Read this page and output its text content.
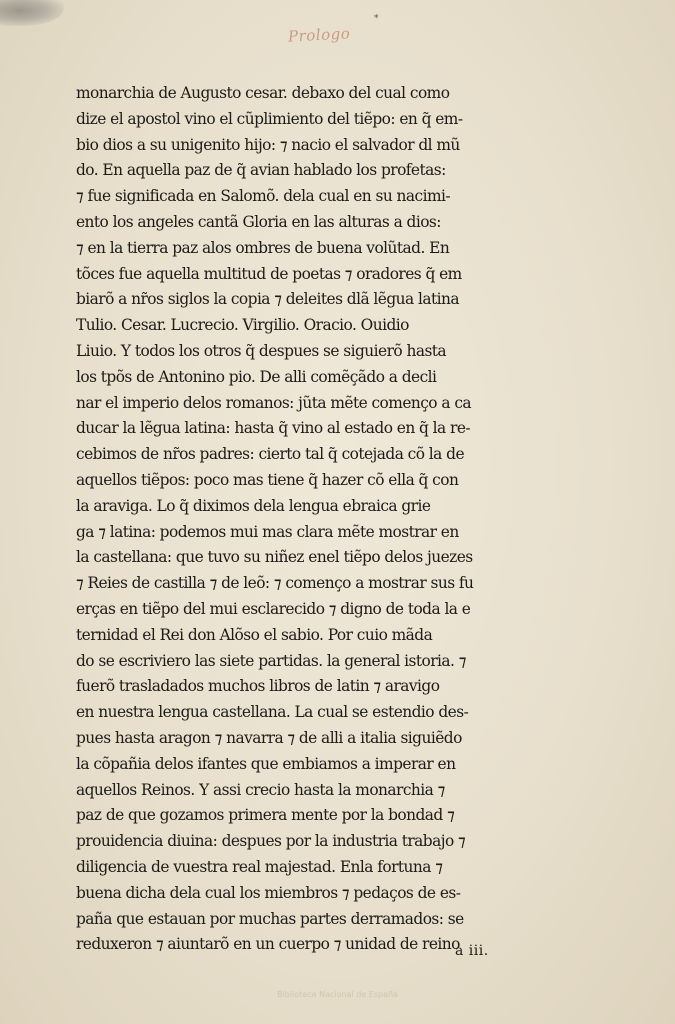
Prologo
*
monarchia de Augusto cesar. debaxo del cual como
dize el apostol vino el cũplimiento del tiẽpo: en q̃ em-
bio dios a su unigenito hijo: ⁊ nacio el salvador dl mũ
do. En aquella paz de q̃ avian hablado los profetas:
⁊ fue significada en Salomõ. dela cual en su nacimi-
ento los angeles cantã Gloria en las alturas a dios:
⁊ en la tierra paz alos ombres de buena volũtad. En
tõces fue aquella multitud de poetas ⁊ oradores q̃ em
biarõ a nr̃os siglos la copia ⁊ deleites dlã lẽgua latina
Tulio. Cesar. Lucrecio. Virgilio. Oracio. Ouidio
Liuio. Y todos los otros q̃ despues se siguierõ hasta
los tpõs de Antonino pio. De alli comẽçãdo a decli
nar el imperio delos romanos: jũta mẽte començo a ca
ducar la lẽgua latina: hasta q̃ vino al estado en q̃ la re-
cebimos de nr̃os padres: cierto tal q̃ cotejada cõ la de
aquellos tiẽpos: poco mas tiene q̃ hazer cõ ella q̃ con
la araviga. Lo q̃ diximos dela lengua ebraica grie
ga ⁊ latina: podemos mui mas clara mẽte mostrar en
la castellana: que tuvo su niñez enel tiẽpo delos juezes
⁊ Reies de castilla ⁊ de leõ: ⁊ començo a mostrar sus fu
erças en tiẽpo del mui esclarecido ⁊ digno de toda la e
ternidad el Rei don Alõso el sabio. Por cuio mãda
do se escriviero las siete partidas. la general istoria. ⁊
fuerõ trasladados muchos libros de latin ⁊ aravigo
en nuestra lengua castellana. La cual se estendio des-
pues hasta aragon ⁊ navarra ⁊ de alli a italia siguiẽdo
la cõpañia delos ifantes que embiamos a imperar en
aquellos Reinos. Y assi crecio hasta la monarchia ⁊
paz de que gozamos primera mente por la bondad ⁊
prouidencia diuina: despues por la industria trabajo ⁊
diligencia de vuestra real majestad. Enla fortuna ⁊
buena dicha dela cual los miembros ⁊ pedaços de es-
paña que estauan por muchas partes derramados: se
reduxeron ⁊ aiuntarõ en un cuerpo ⁊ unidad de reino
a iii.
Biblioteca Nacional de España
